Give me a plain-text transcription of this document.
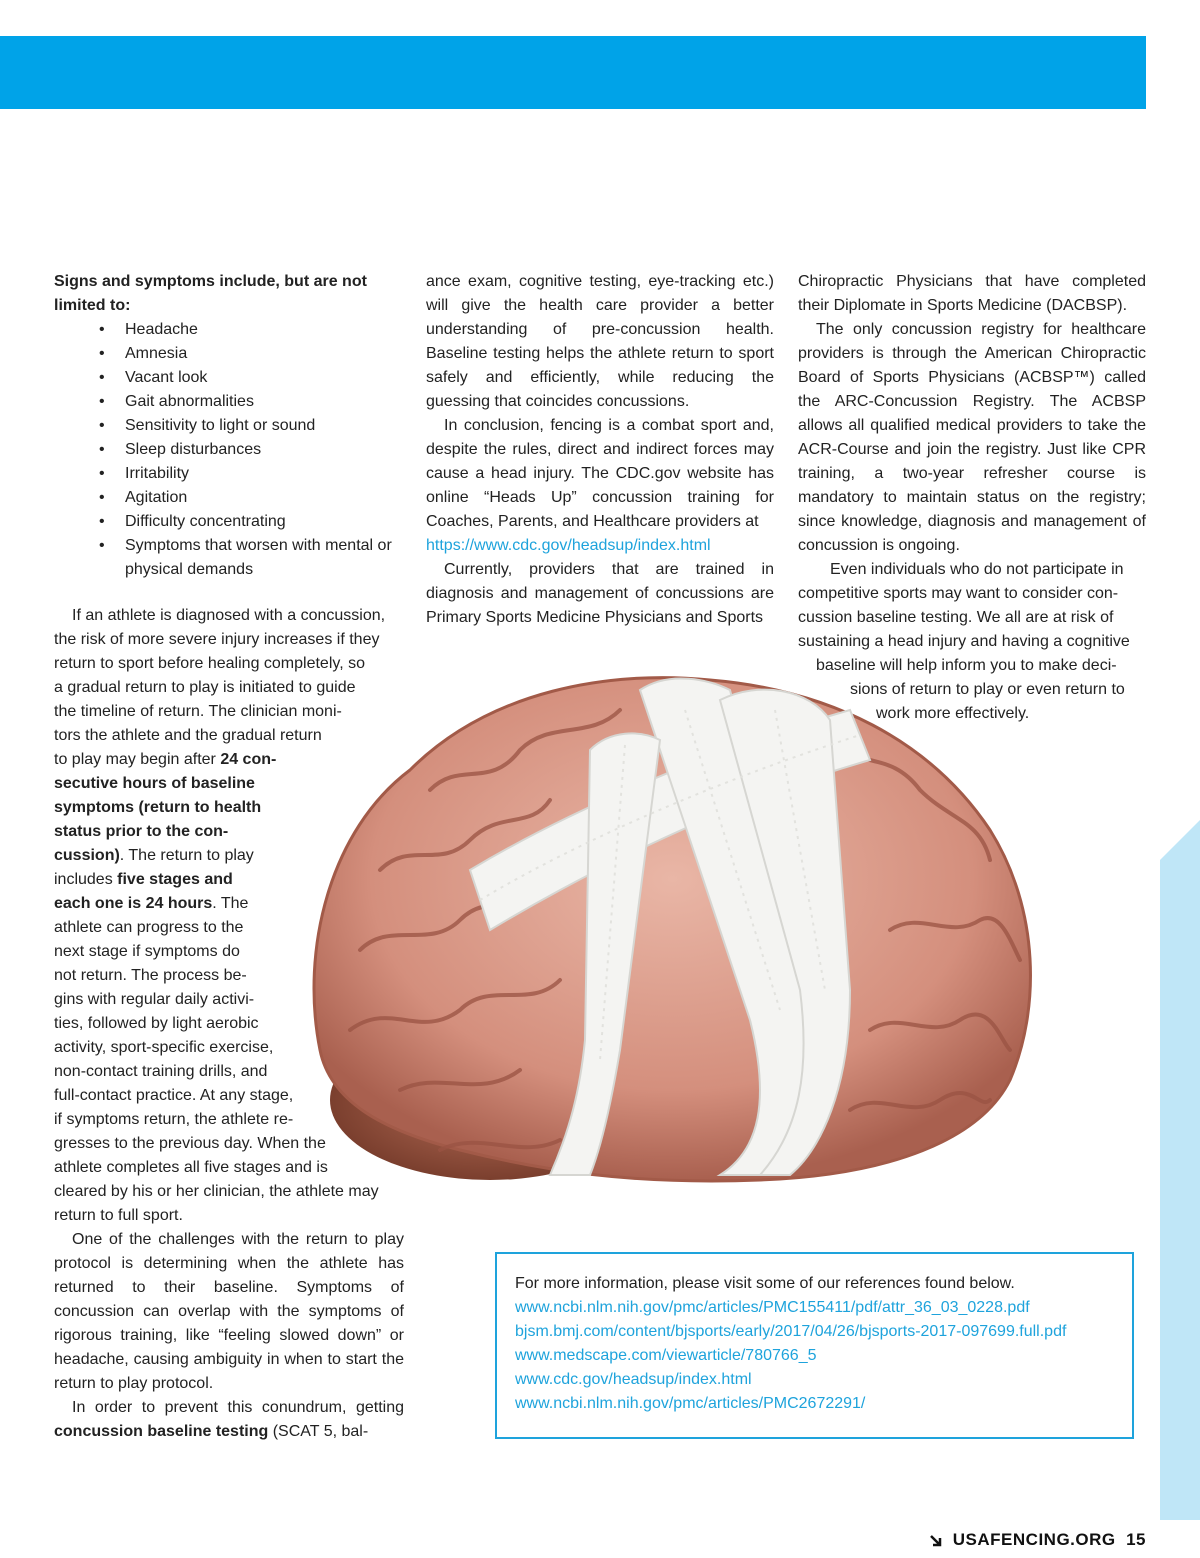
Signs and symptoms include, but are not limited to:

• Headache
• Amnesia
• Vacant look
• Gait abnormalities
• Sensitivity to light or sound
• Sleep disturbances
• Irritability
• Agitation
• Difficulty concentrating
• Symptoms that worsen with mental or physical demands
If an athlete is diagnosed with a concussion,
the risk of more severe injury increases if they
return to sport before healing completely, so
a gradual return to play is initiated to guide
the timeline of return. The clinician moni-
tors the athlete and the gradual return
to play may begin after 24 con-
secutive hours of baseline
symptoms (return to health
status prior to the con-
cussion). The return to play
includes five stages and
each one is 24 hours. The
athlete can progress to the
next stage if symptoms do
not return. The process be-
gins with regular daily activi-
ties, followed by light aerobic
activity, sport-specific exercise,
non-contact training drills, and
full-contact practice. At any stage,
if symptoms return, the athlete re-
gresses to the previous day. When the
athlete completes all five stages and is
cleared by his or her clinician, the athlete may
return to full sport.

One of the challenges with the return to play protocol is determining when the athlete has returned to their baseline. Symptoms of concussion can overlap with the symptoms of rigorous training, like “feeling slowed down” or headache, causing ambiguity in when to start the return to play protocol.

In order to prevent this conundrum, getting concussion baseline testing (SCAT 5, bal-

ance exam, cognitive testing, eye-tracking etc.) will give the health care provider a better understanding of pre-concussion health. Baseline testing helps the athlete return to sport safely and efficiently, while reducing the guessing that coincides concussions.

In conclusion, fencing is a combat sport and, despite the rules, direct and indirect forces may cause a head injury. The CDC.gov website has online “Heads Up” concussion training for Coaches, Parents, and Healthcare providers at

https://www.cdc.gov/headsup/index.html

Currently, providers that are trained in diagnosis and management of concussions are Primary Sports Medicine Physicians and Sports

Chiropractic Physicians that have completed their Diplomate in Sports Medicine (DACBSP).

The only concussion registry for healthcare providers is through the American Chiropractic Board of Sports Physicians (ACBSP™) called the ARC-Concussion Registry. The ACBSP allows all qualified medical providers to take the ACR-Course and join the registry. Just like CPR training, a two-year refresher course is mandatory to maintain status on the registry; since knowledge, diagnosis and management of concussion is ongoing.

Even individuals who do not participate in
competitive sports may want to consider con-
cussion baseline testing. We all are at risk of
sustaining a head injury and having a cognitive
baseline will help inform you to make deci-
sions of return to play or even return to
work more effectively.
For more information, please visit some of our references found below.
www.ncbi.nlm.nih.gov/pmc/articles/PMC155411/pdf/attr_36_03_0228.pdf
bjsm.bmj.com/content/bjsports/early/2017/04/26/bjsports-2017-097699.full.pdf
www.medscape.com/viewarticle/780766_5
www.cdc.gov/headsup/index.html
www.ncbi.nlm.nih.gov/pmc/articles/PMC2672291/
USAFENCING.ORG 15
